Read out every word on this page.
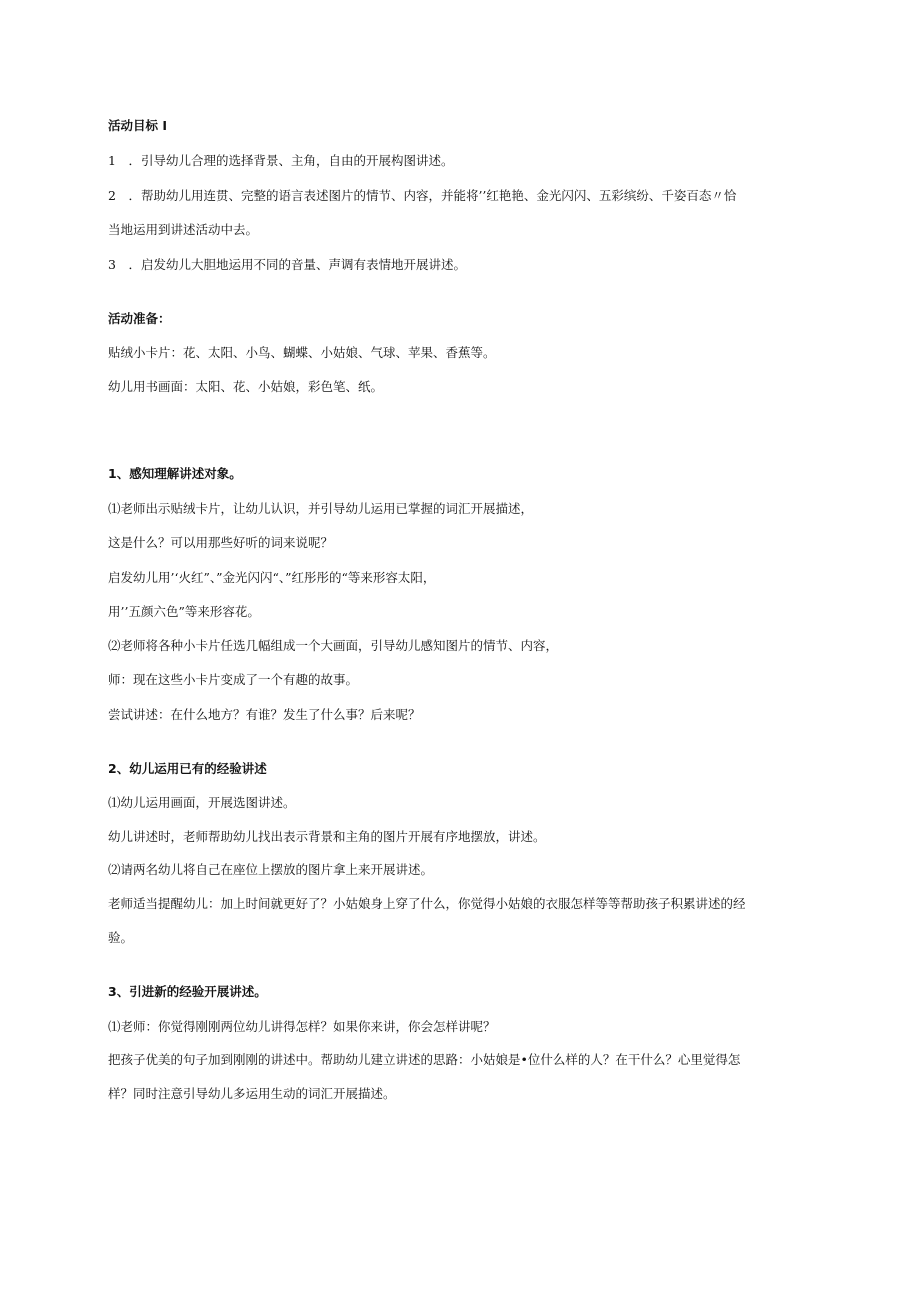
活动目标 I
1　．引导幼儿合理的选择背景、主角，自由的开展构图讲述。
2　．帮助幼儿用连贯、完整的语言表述图片的情节、内容，并能将’’红艳艳、金光闪闪、五彩缤纷、千姿百态〃恰
当地运用到讲述活动中去。
3　．启发幼儿大胆地运用不同的音量、声调有表情地开展讲述。
活动准备：
贴绒小卡片：花、太阳、小鸟、蝴蝶、小姑娘、气球、苹果、香蕉等。
幼儿用书画面：太阳、花、小姑娘，彩色笔、纸。
1、感知理解讲述对象。
⑴老师出示贴绒卡片，让幼儿认识，并引导幼儿运用已掌握的词汇开展描述，
这是什么？可以用那些好听的词来说呢？
启发幼儿用’‘火红”、”金光闪闪“、”红彤彤的“等来形容太阳，
用’’五颜六色”等来形容花。
⑵老师将各种小卡片任选几幅组成一个大画面，引导幼儿感知图片的情节、内容，
师：现在这些小卡片变成了一个有趣的故事。
尝试讲述：在什么地方？有谁？发生了什么事？后来呢？
2、幼儿运用已有的经验讲述
⑴幼儿运用画面，开展选图讲述。
幼儿讲述时，老师帮助幼儿找出表示背景和主角的图片开展有序地摆放，讲述。
⑵请两名幼儿将自己在座位上摆放的图片拿上来开展讲述。
老师适当提醒幼儿：加上时间就更好了？小姑娘身上穿了什么，你觉得小姑娘的衣服怎样等等帮助孩子积累讲述的经
验。
3、引进新的经验开展讲述。
⑴老师：你觉得刚刚两位幼儿讲得怎样？如果你来讲，你会怎样讲呢？
把孩子优美的句子加到刚刚的讲述中。帮助幼儿建立讲述的思路：小姑娘是•位什么样的人？在干什么？心里觉得怎
样？同时注意引导幼儿多运用生动的词汇开展描述。
